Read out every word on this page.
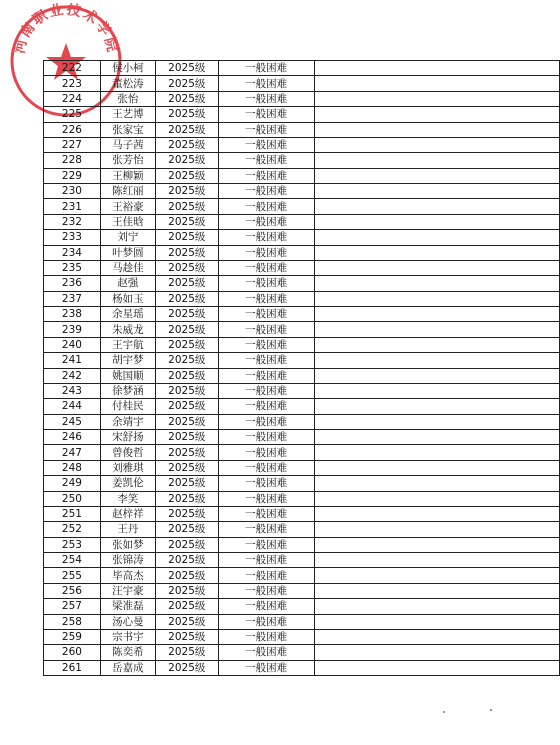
河南职业技术学院
222	侯小柯	2025级	一般困难	
223	董松涛	2025级	一般困难	
224	张怡	2025级	一般困难	
225	王艺博	2025级	一般困难	
226	张家宝	2025级	一般困难	
227	马子茜	2025级	一般困难	
228	张芳怡	2025级	一般困难	
229	王柳颖	2025级	一般困难	
230	陈红丽	2025级	一般困难	
231	王裕豪	2025级	一般困难	
232	王佳晗	2025级	一般困难	
233	刘宁	2025级	一般困难	
234	叶梦圆	2025级	一般困难	
235	马趁佳	2025级	一般困难	
236	赵强	2025级	一般困难	
237	杨如玉	2025级	一般困难	
238	余星瑶	2025级	一般困难	
239	朱威龙	2025级	一般困难	
240	王宇航	2025级	一般困难	
241	胡宇梦	2025级	一般困难	
242	姚国顺	2025级	一般困难	
243	徐梦涵	2025级	一般困难	
244	付桂民	2025级	一般困难	
245	余靖宇	2025级	一般困难	
246	宋舒扬	2025级	一般困难	
247	曾俊哲	2025级	一般困难	
248	刘雅琪	2025级	一般困难	
249	姜凯伦	2025级	一般困难	
250	李笑	2025级	一般困难	
251	赵梓祥	2025级	一般困难	
252	王丹	2025级	一般困难	
253	张如梦	2025级	一般困难	
254	张锦涛	2025级	一般困难	
255	毕高杰	2025级	一般困难	
256	汪宇豪	2025级	一般困难	
257	梁准磊	2025级	一般困难	
258	汤心曼	2025级	一般困难	
259	宗书宇	2025级	一般困难	
260	陈奕希	2025级	一般困难	
261	岳嘉成	2025级	一般困难	
